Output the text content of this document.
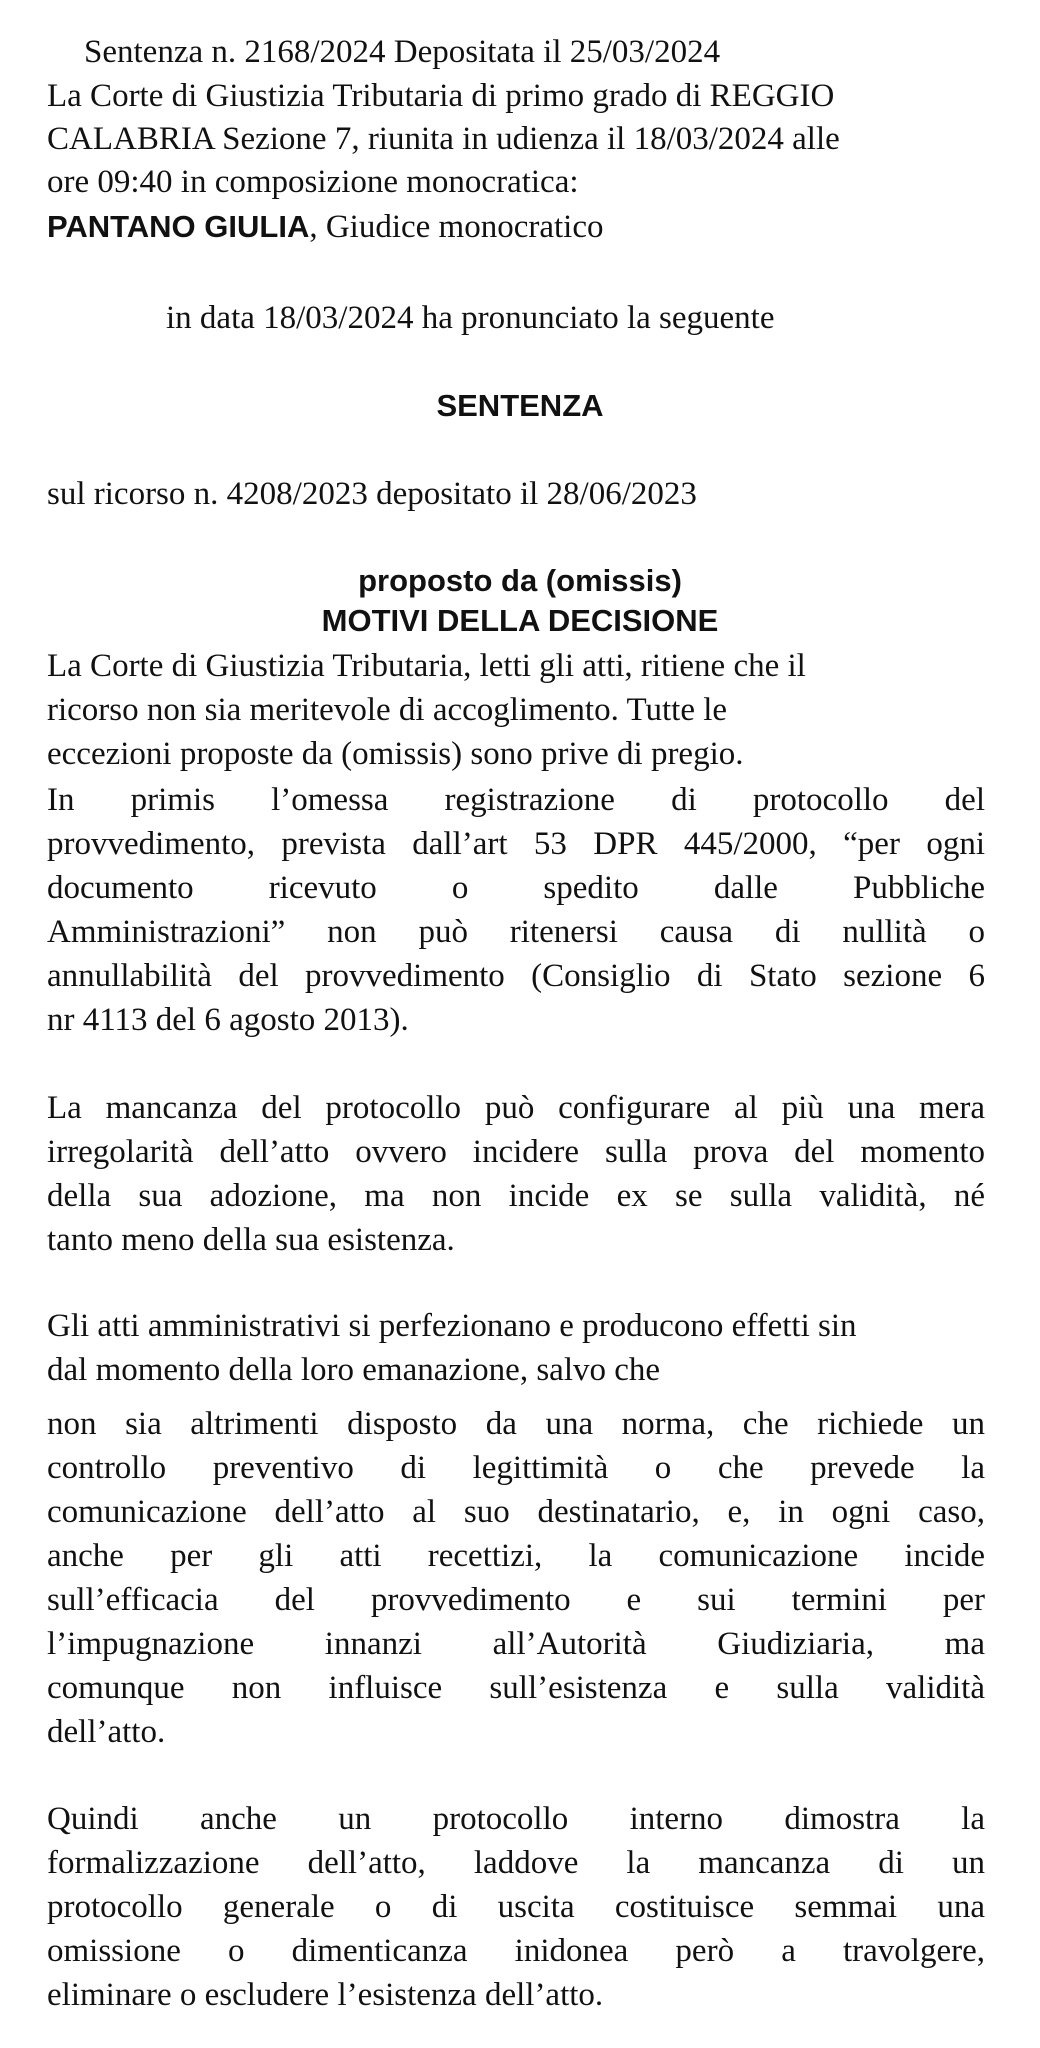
Sentenza n. 2168/2024 Depositata il 25/03/2024
La Corte di Giustizia Tributaria di primo grado di REGGIO
CALABRIA Sezione 7, riunita in udienza il 18/03/2024 alle
ore 09:40 in composizione monocratica:
PANTANO GIULIA, Giudice monocratico
in data 18/03/2024 ha pronunciato la seguente
SENTENZA
sul ricorso n. 4208/2023 depositato il 28/06/2023
proposto da (omissis)
MOTIVI DELLA DECISIONE
La Corte di Giustizia Tributaria, letti gli atti, ritiene che il
ricorso non sia meritevole di accoglimento. Tutte le
eccezioni proposte da (omissis) sono prive di pregio.
In primis l’omessa registrazione di protocollo del
provvedimento, prevista dall’art 53 DPR 445/2000, “per ogni
documento ricevuto o spedito dalle Pubbliche
Amministrazioni” non può ritenersi causa di nullità o
annullabilità del provvedimento (Consiglio di Stato sezione 6
nr 4113 del 6 agosto 2013).
La mancanza del protocollo può configurare al più una mera
irregolarità dell’atto ovvero incidere sulla prova del momento
della sua adozione, ma non incide ex se sulla validità, né
tanto meno della sua esistenza.
Gli atti amministrativi si perfezionano e producono effetti sin
dal momento della loro emanazione, salvo che
non sia altrimenti disposto da una norma, che richiede un
controllo preventivo di legittimità o che prevede la
comunicazione dell’atto al suo destinatario, e, in ogni caso,
anche per gli atti recettizi, la comunicazione incide
sull’efficacia del provvedimento e sui termini per
l’impugnazione innanzi all’Autorità Giudiziaria, ma
comunque non influisce sull’esistenza e sulla validità
dell’atto.
Quindi anche un protocollo interno dimostra la
formalizzazione dell’atto, laddove la mancanza di un
protocollo generale o di uscita costituisce semmai una
omissione o dimenticanza inidonea però a travolgere,
eliminare o escludere l’esistenza dell’atto.
